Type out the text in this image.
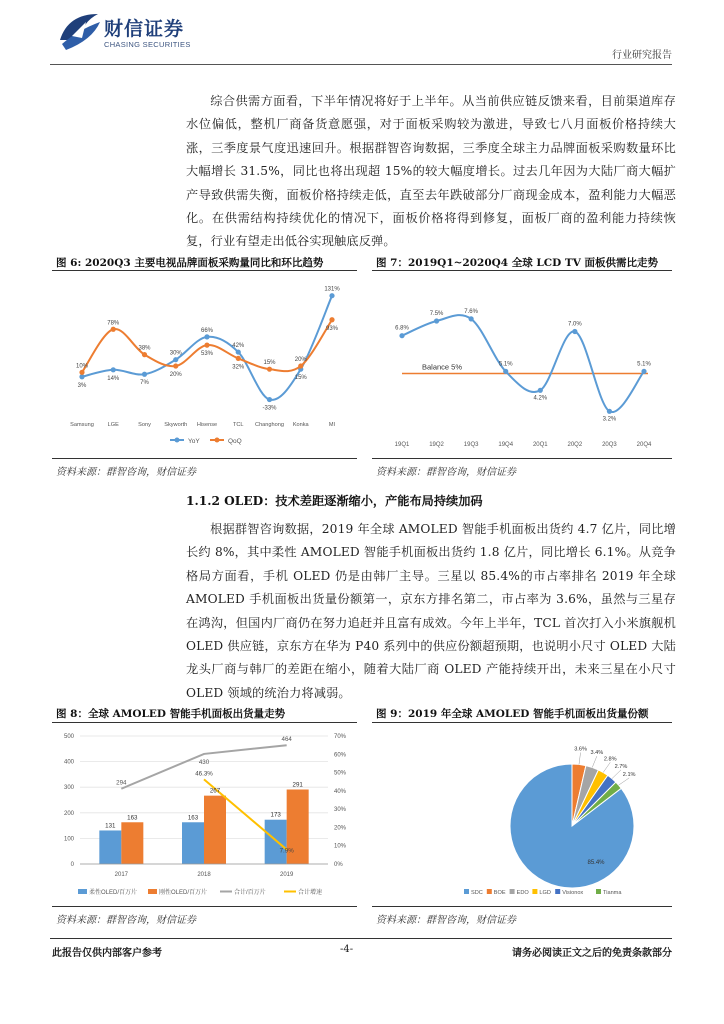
财信证券
CHASING SECURITIES
行业研究报告
综合供需方面看，下半年情况将好于上半年。从当前供应链反馈来看，目前渠道库存水位偏低，整机厂商备货意愿强，对于面板采购较为激进，导致七八月面板价格持续大涨，三季度景气度迅速回升。根据群智咨询数据，三季度全球主力品牌面板采购数量环比大幅增长 31.5%，同比也将出现超 15%的较大幅度增长。过去几年因为大陆厂商大幅扩产导致供需失衡，面板价格持续走低，直至去年跌破部分厂商现金成本，盈利能力大幅恶化。在供需结构持续优化的情况下，面板价格将得到修复，面板厂商的盈利能力持续恢复，行业有望走出低谷实现触底反弹。
图 6: 2020Q3 主要电视品牌面板采购量同比和环比趋势	图 7：2019Q1~2020Q4 全球 LCD TV 面板供需比走势
3%
14%
7%
30%
66%
42%
-33%
15%
131%
10%
78%
38%
20%
53%
32%
15%
20%
93%
Samsung LGE	Sony Skyworth Hisense	TCL Changhong Konka	MI
YoY	QoQ
Balance 5%
6.8%
7.5%	7.6%
5.1%
4.2%
7.0%
3.2%
5.1%
19Q1	19Q2	19Q3	19Q4	20Q1	20Q2	20Q3	20Q4
资料来源：群智咨询，财信证券	资料来源：群智咨询，财信证券
1.1.2 OLED：技术差距逐渐缩小，产能布局持续加码
根据群智咨询数据，2019 年全球 AMOLED 智能手机面板出货约 4.7 亿片，同比增长约 8%，其中柔性 AMOLED 智能手机面板出货约 1.8 亿片，同比增长 6.1%。从竞争格局方面看，手机 OLED 仍是由韩厂主导。三星以 85.4%的市占率排名 2019 年全球 AMOLED 手机面板出货量份额第一，京东方排名第二，市占率为 3.6%，虽然与三星存在鸿沟，但国内厂商仍在努力追赶并且富有成效。今年上半年，TCL 首次打入小米旗舰机 OLED 供应链，京东方在华为 P40 系列中的供应份额超预期，也说明小尺寸 OLED 大陆龙头厂商与韩厂的差距在缩小，随着大陆厂商 OLED 产能持续开出，未来三星在小尺寸 OLED 领域的统治力将减弱。
图 8：全球 AMOLED 智能手机面板出货量走势	图 9：2019 年全球 AMOLED 智能手机面板出货量份额
131
163	163
267
173
291
294
430
464
46.3%
7.9%
0
100
200
300
400
500
0%
10%
20%
30%
40%
50%
60%
70%
2017	2018	2019
柔性OLED/百万片	刚性OLED/百万片	合计/百万片	合计增速
85.4%
3.6%
3.4%
2.8%
2.7%
2.1%
SDC BOE EDO LGD Visionox	Tianma
资料来源：群智咨询，财信证券	资料来源：群智咨询，财信证券
此报告仅供内部客户参考	-4-	请务必阅读正文之后的免责条款部分
